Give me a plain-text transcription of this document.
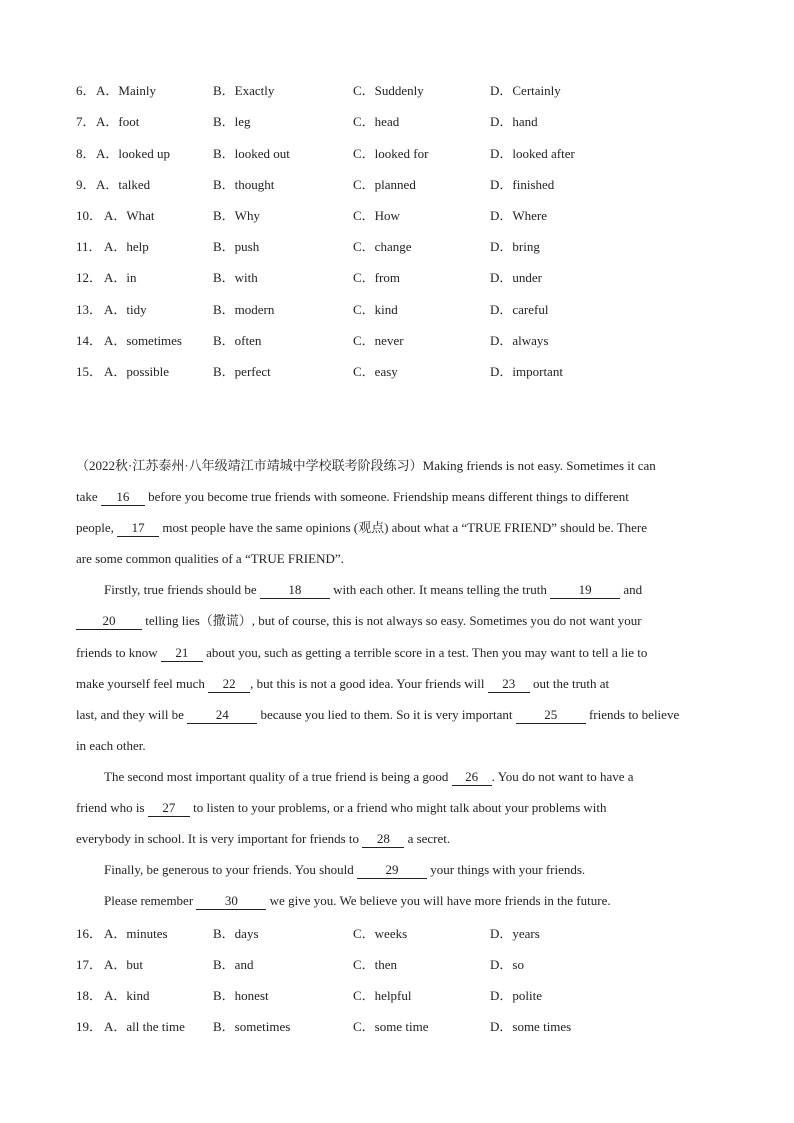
6． A．Mainly	B．Exactly	C．Suddenly	D．Certainly
7． A．foot	B．leg	C．head	D．hand
8． A．looked up	B．looked out	C．looked for	D．looked after
9． A．talked	B．thought	C．planned	D．finished
10． A．What	B．Why	C．How	D．Where
11． A．help	B．push	C．change	D．bring
12． A．in	B．with	C．from	D．under
13． A．tidy	B．modern	C．kind	D．careful
14． A．sometimes B．often	C．never	D．always
15． A．possible	B．perfect	C．easy	D．important
（2022秋·江苏泰州·八年级靖江市靖城中学校联考阶段练习）Making friends is not easy. Sometimes it can
take 16 before you become true friends with someone. Friendship means different things to different
people, 17 most people have the same opinions (观点) about what a “TRUE FRIEND” should be. There
are some common qualities of a “TRUE FRIEND”.
Firstly, true friends should be 18 with each other. It means telling the truth 19 and
20 telling lies（撒谎）, but of course, this is not always so easy. Sometimes you do not want your
friends to know 21 about you, such as getting a terrible score in a test. Then you may want to tell a lie to
make yourself feel much 22 , but this is not a good idea. Your friends will 23 out the truth at
last, and they will be 24 because you lied to them. So it is very important 25 friends to believe
in each other.
The second most important quality of a true friend is being a good 26 . You do not want to have a
friend who is 27 to listen to your problems, or a friend who might talk about your problems with
everybody in school. It is very important for friends to 28 a secret.
Finally, be generous to your friends. You should 29 your things with your friends.
Please remember 30 we give you. We believe you will have more friends in the future.
16． A．minutes	B．days	C．weeks	D．years
17． A．but	B．and	C．then	D．so
18． A．kind	B．honest	C．helpful	D．polite
19． A．all the time B．sometimes	C．some time	D．some times
